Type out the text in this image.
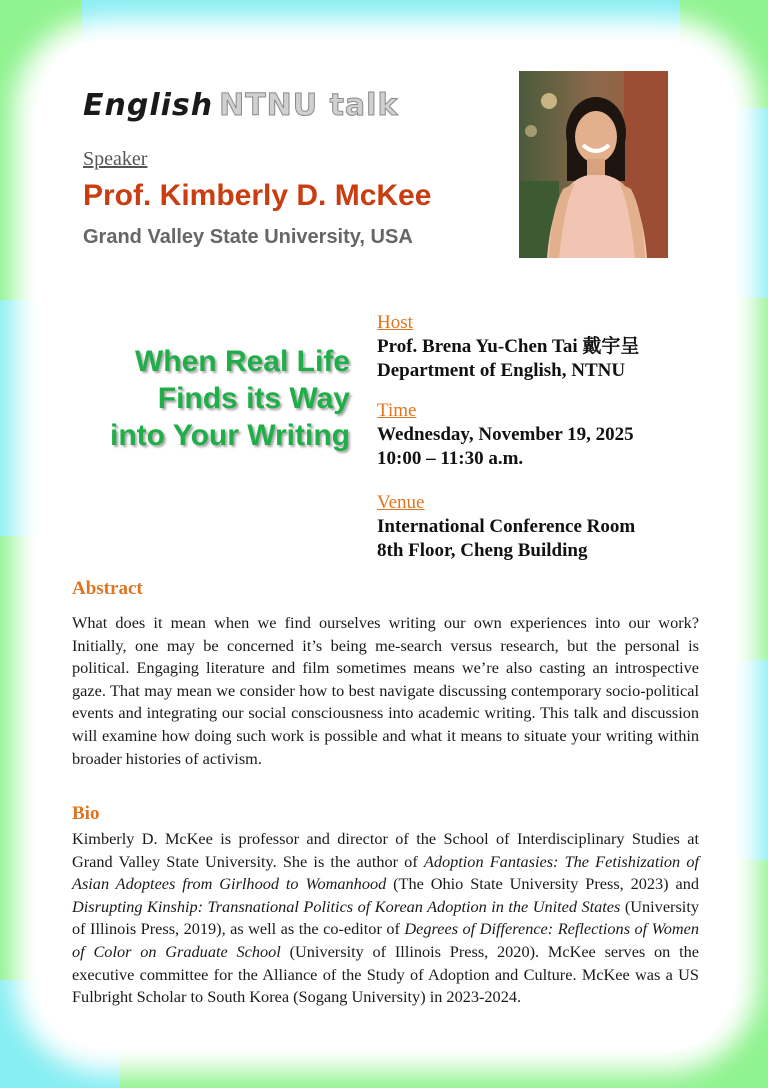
English NTNU talk
Speaker
Prof. Kimberly D. McKee
Grand Valley State University, USA
When Real Life
Finds its Way
into Your Writing
Host
Prof. Brena Yu-Chen Tai 戴宇呈
Department of English, NTNU
Time
Wednesday, November 19, 2025
10:00 – 11:30 a.m.
Venue
International Conference Room
8th Floor, Cheng Building
Abstract
What does it mean when we find ourselves writing our own experiences into our work? Initially, one may be concerned it’s being me-search versus research, but the personal is political. Engaging literature and film sometimes means we’re also casting an introspective gaze. That may mean we consider how to best navigate discussing contemporary socio-political events and integrating our social consciousness into academic writing. This talk and discussion will examine how doing such work is possible and what it means to situate your writing within broader histories of activism.
Bio
Kimberly D. McKee is professor and director of the School of Interdisciplinary Studies at Grand Valley State University. She is the author of Adoption Fantasies: The Fetishization of Asian Adoptees from Girlhood to Womanhood (The Ohio State University Press, 2023) and Disrupting Kinship: Transnational Politics of Korean Adoption in the United States (University of Illinois Press, 2019), as well as the co-editor of Degrees of Difference: Reflections of Women of Color on Graduate School (University of Illinois Press, 2020). McKee serves on the executive committee for the Alliance of the Study of Adoption and Culture. McKee was a US Fulbright Scholar to South Korea (Sogang University) in 2023-2024.
